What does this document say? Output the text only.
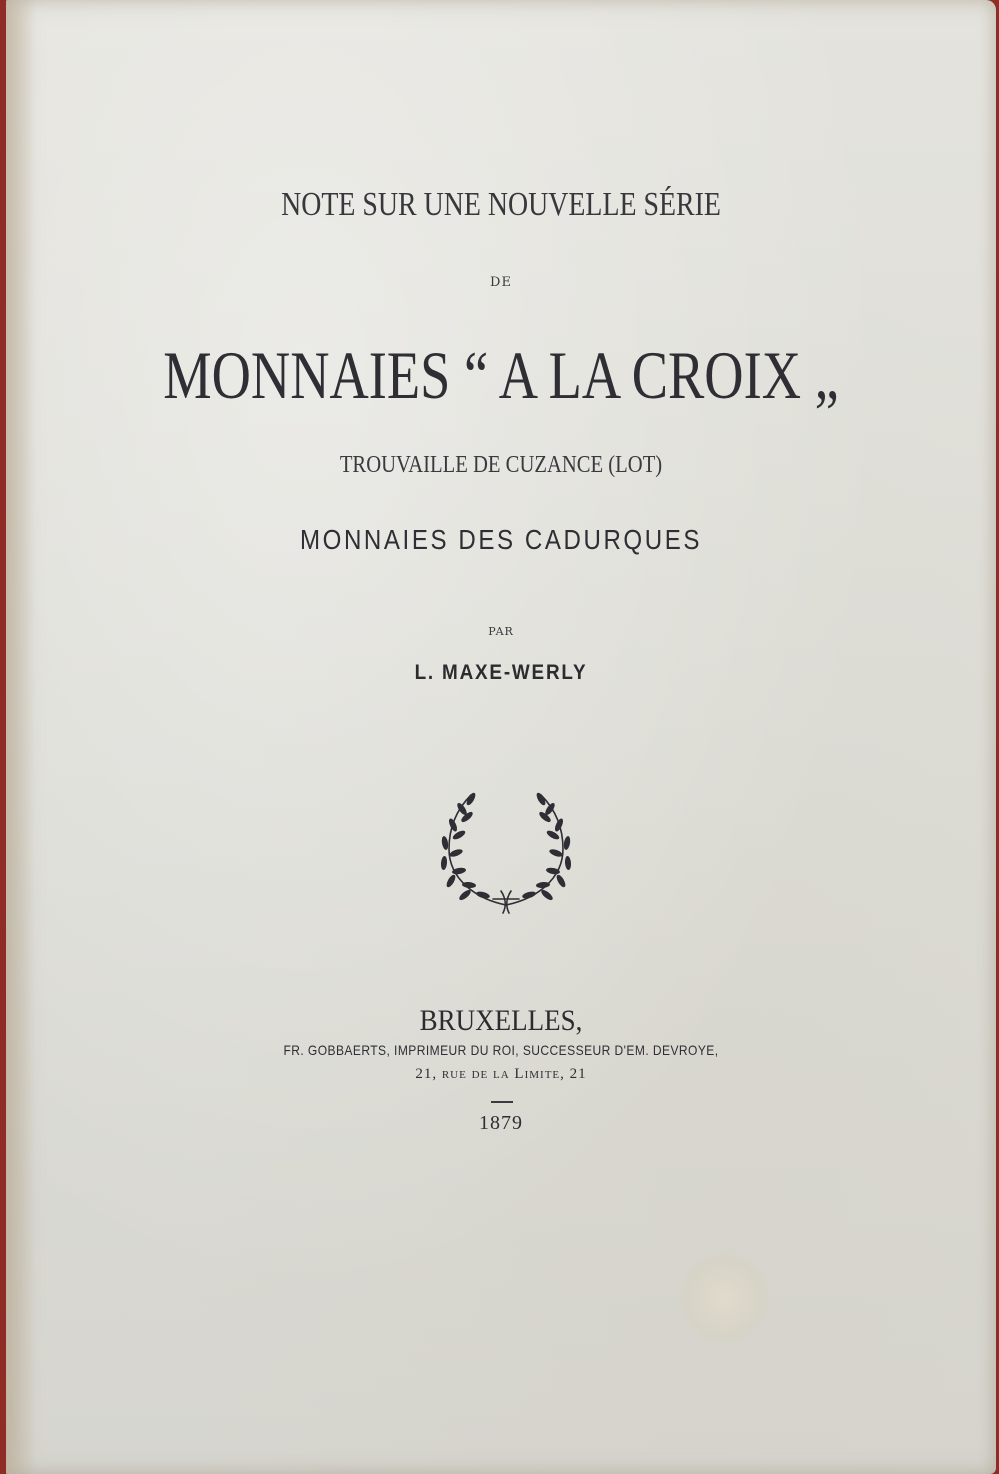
NOTE SUR UNE NOUVELLE SÉRIE
DE
MONNAIES “ A LA CROIX „
TROUVAILLE DE CUZANCE (LOT)
MONNAIES DES CADURQUES
PAR
L. MAXE-WERLY
BRUXELLES,
FR. GOBBAERTS, IMPRIMEUR DU ROI, SUCCESSEUR D'EM. DEVROYE,
21, rue de la Limite, 21
1879
